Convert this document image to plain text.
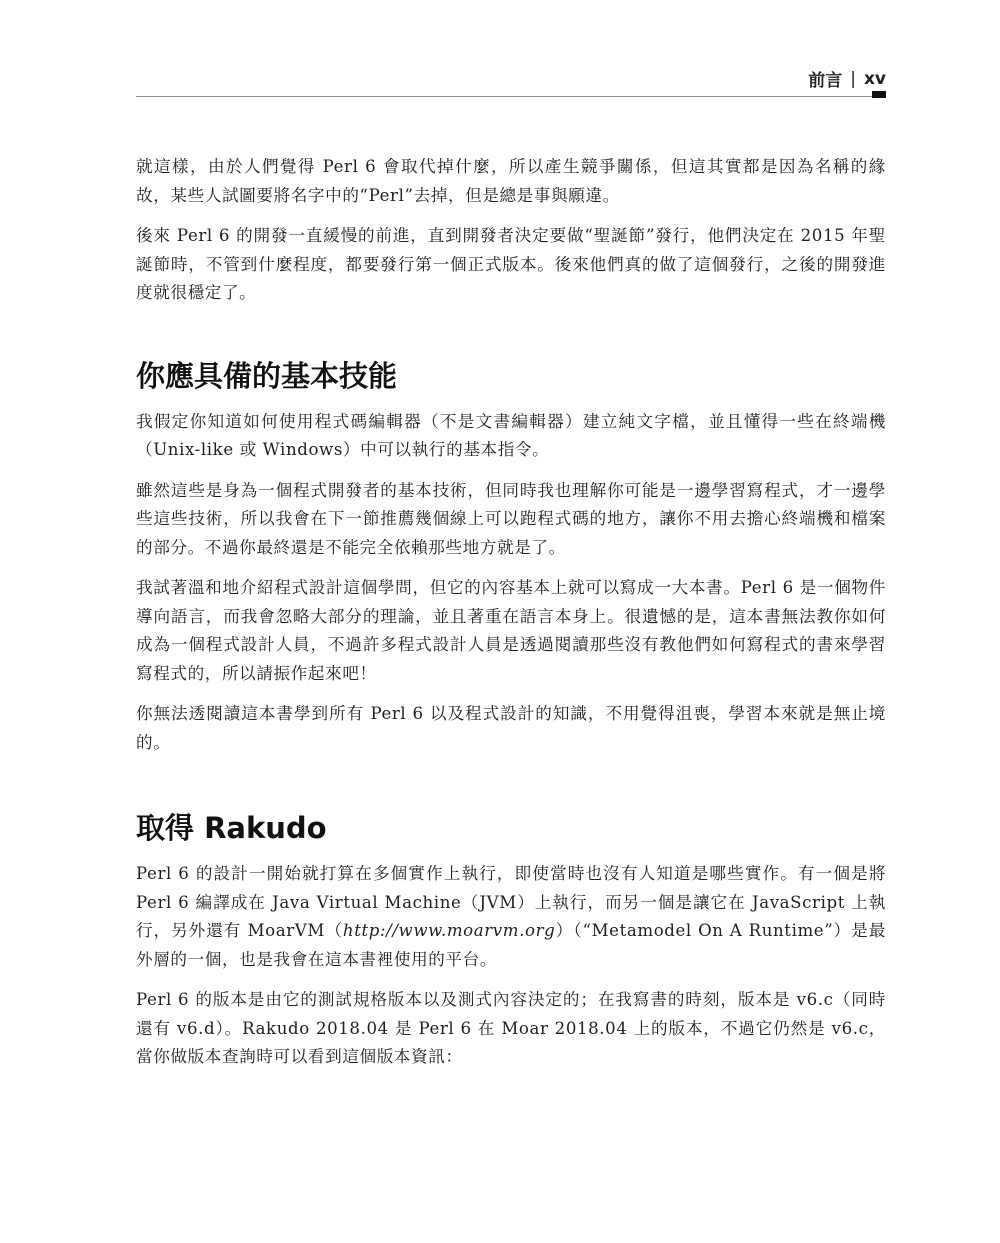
前言 | xv

就這樣，由於人們覺得 Perl 6 會取代掉什麼，所以產生競爭關係，但這其實都是因為名稱的緣故，某些人試圖要將名字中的“Perl”去掉，但是總是事與願違。

後來 Perl 6 的開發一直緩慢的前進，直到開發者決定要做“聖誕節”發行，他們決定在 2015 年聖誕節時，不管到什麼程度，都要發行第一個正式版本。後來他們真的做了這個發行，之後的開發進度就很穩定了。

你應具備的基本技能

我假定你知道如何使用程式碼編輯器（不是文書編輯器）建立純文字檔，並且懂得一些在終端機（Unix-like 或 Windows）中可以執行的基本指令。

雖然這些是身為一個程式開發者的基本技術，但同時我也理解你可能是一邊學習寫程式，才一邊學些這些技術，所以我會在下一節推薦幾個線上可以跑程式碼的地方，讓你不用去擔心終端機和檔案的部分。不過你最終還是不能完全依賴那些地方就是了。

我試著溫和地介紹程式設計這個學問，但它的內容基本上就可以寫成一大本書。Perl 6 是一個物件導向語言，而我會忽略大部分的理論，並且著重在語言本身上。很遺憾的是，這本書無法教你如何成為一個程式設計人員，不過許多程式設計人員是透過閱讀那些沒有教他們如何寫程式的書來學習寫程式的，所以請振作起來吧！

你無法透閱讀這本書學到所有 Perl 6 以及程式設計的知識，不用覺得沮喪，學習本來就是無止境的。

取得 Rakudo

Perl 6 的設計一開始就打算在多個實作上執行，即使當時也沒有人知道是哪些實作。有一個是將 Perl 6 編譯成在 Java Virtual Machine（JVM）上執行，而另一個是讓它在 JavaScript 上執行，另外還有 MoarVM（http://www.moarvm.org）（“Metamodel On A Runtime”）是最外層的一個，也是我會在這本書裡使用的平台。

Perl 6 的版本是由它的測試規格版本以及測式內容決定的；在我寫書的時刻，版本是 v6.c（同時還有 v6.d）。Rakudo 2018.04 是 Perl 6 在 Moar 2018.04 上的版本，不過它仍然是 v6.c，當你做版本查詢時可以看到這個版本資訊：
